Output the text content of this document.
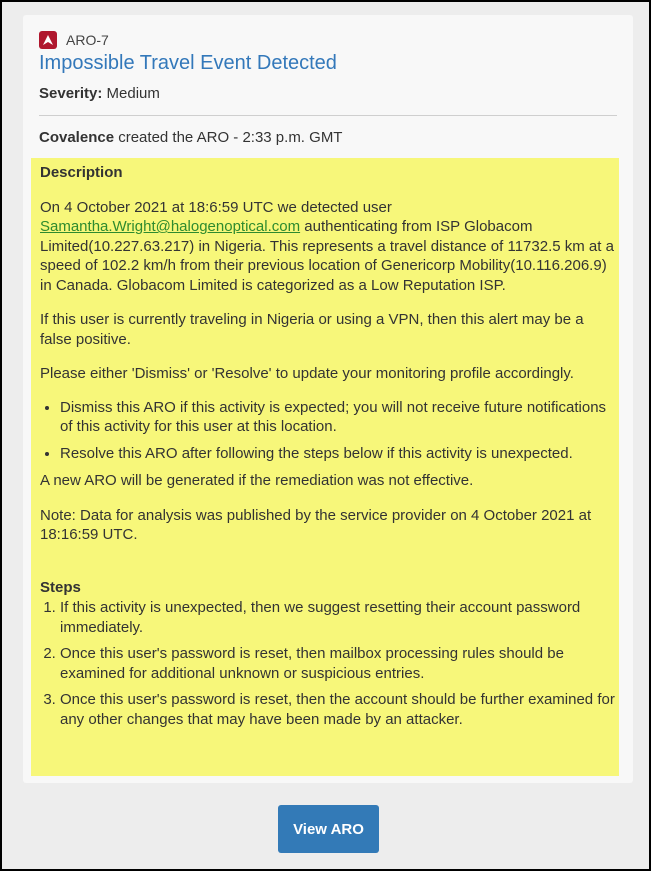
ARO-7
Impossible Travel Event Detected
Severity: Medium
Covalence created the ARO - 2:33 p.m. GMT
Description

On 4 October 2021 at 18:6:59 UTC we detected user
Samantha.Wright@halogenoptical.com authenticating from ISP Globacom Limited(10.227.63.217) in Nigeria. This represents a travel distance of 11732.5 km at a speed of 102.2 km/h from their previous location of Genericorp Mobility(10.116.206.9) in Canada. Globacom Limited is categorized as a Low Reputation ISP.

If this user is currently traveling in Nigeria or using a VPN, then this alert may be a false positive.

Please either 'Dismiss' or 'Resolve' to update your monitoring profile accordingly.

• Dismiss this ARO if this activity is expected; you will not receive future notifications of this activity for this user at this location.
• Resolve this ARO after following the steps below if this activity is unexpected.

A new ARO will be generated if the remediation was not effective.

Note: Data for analysis was published by the service provider on 4 October 2021 at 18:16:59 UTC.

Steps
1. If this activity is unexpected, then we suggest resetting their account password immediately.
2. Once this user's password is reset, then mailbox processing rules should be examined for additional unknown or suspicious entries.
3. Once this user's password is reset, then the account should be further examined for any other changes that may have been made by an attacker.
View ARO
